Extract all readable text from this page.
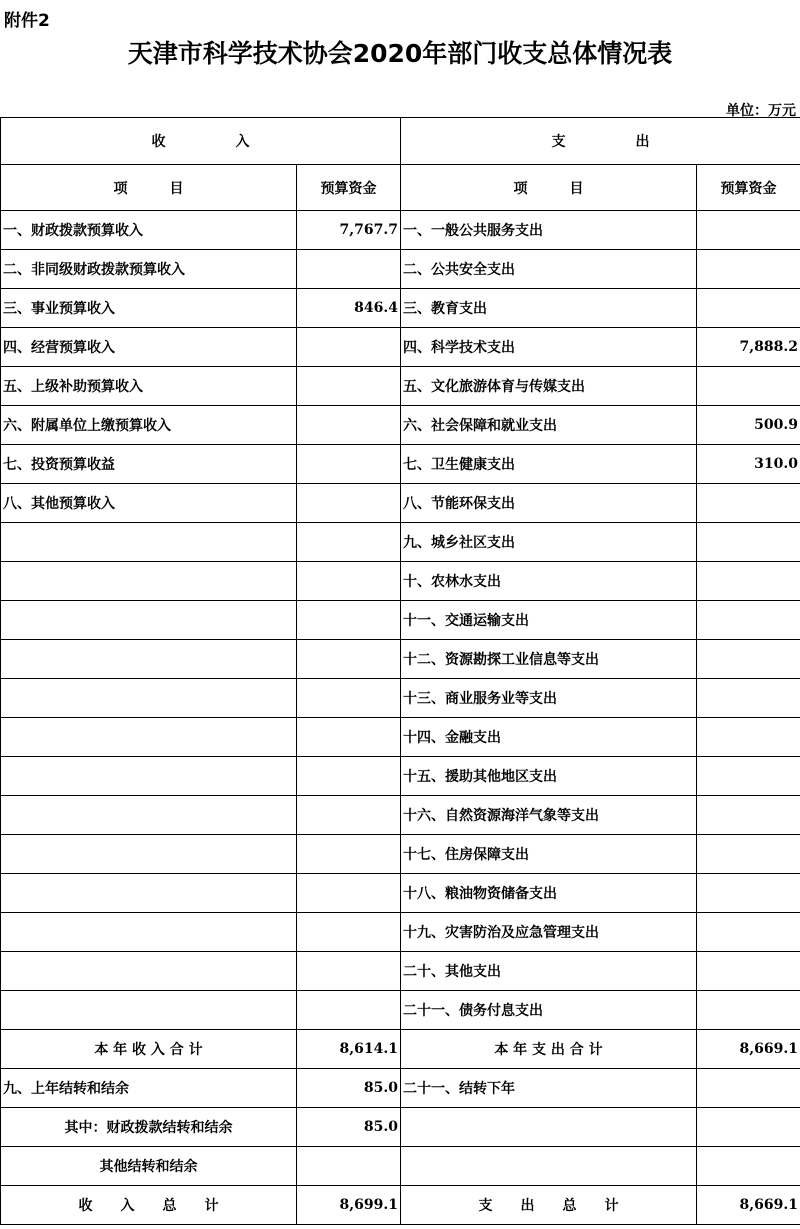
附件2
天津市科学技术协会2020年部门收支总体情况表
单位：万元
收　　　　　入		支　　　　　出	
项　　　目	预算资金	项　　　目	预算资金
一、财政拨款预算收入	7,767.7	一、一般公共服务支出	
二、非同级财政拨款预算收入		二、公共安全支出	
三、事业预算收入	846.4	三、教育支出	
四、经营预算收入		四、科学技术支出	7,888.2
五、上级补助预算收入		五、文化旅游体育与传媒支出	
六、附属单位上缴预算收入		六、社会保障和就业支出	500.9
七、投资预算收益		七、卫生健康支出	310.0
八、其他预算收入		八、节能环保支出	
		九、城乡社区支出	
		十、农林水支出	
		十一、交通运输支出	
		十二、资源勘探工业信息等支出	
		十三、商业服务业等支出	
		十四、金融支出	
		十五、援助其他地区支出	
		十六、自然资源海洋气象等支出	
		十七、住房保障支出	
		十八、粮油物资储备支出	
		十九、灾害防治及应急管理支出	
		二十、其他支出	
		二十一、债务付息支出	
本 年 收 入 合 计	8,614.1	本 年 支 出 合 计	8,669.1
九、上年结转和结余	85.0	二十一、结转下年	
其中：财政拨款结转和结余	85.0		
其他结转和结余			
收　　入　　总　　计	8,699.1	支　　出　　总　　计	8,669.1
